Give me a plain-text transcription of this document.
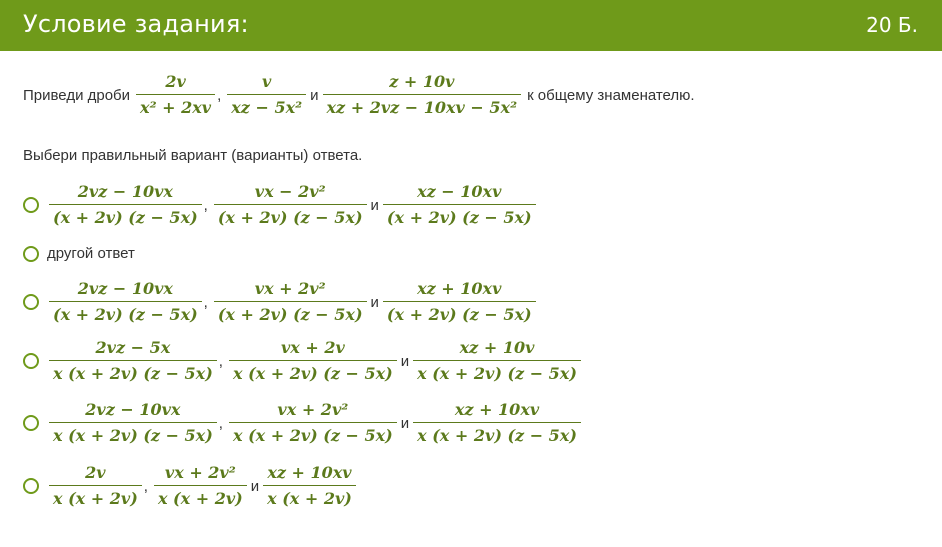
Условие задания:	20 Б.
Приведи дроби $\frac{2v}{\text{x² + 2xv}}$ , $\frac{v}{\text{xz − 5x²}}$ и $\frac{z + 10v}{\text{xz + 2vz − 10xv − 5x²}}$ к общему знаменателю.
Выбери правильный вариант (варианты) ответа.
$\frac{2vz - 10vx}{(x + 2v) (z - 5x)}$ , $\frac{\text{vx − 2v²}}{(x + 2v) (z - 5x)}$ и $\frac{xz - 10xv}{(x + 2v) (z - 5x)}$
другой ответ
$\frac{2vz - 10vx}{(x + 2v) (z - 5x)}$ , $\frac{\text{vx + 2v²}}{(x + 2v) (z - 5x)}$ и $\frac{xz + 10xv}{(x + 2v) (z - 5x)}$
$\frac{2vz - 5x}{x (x + 2v) (z - 5x)}$ , $\frac{vx + 2v}{x (x + 2v) (z - 5x)}$ и $\frac{xz + 10v}{x (x + 2v) (z - 5x)}$
$\frac{2vz - 10vx}{x (x + 2v) (z - 5x)}$ , $\frac{\text{vx + 2v²}}{x (x + 2v) (z - 5x)}$ и $\frac{xz + 10xv}{x (x + 2v) (z - 5x)}$
$\frac{2v}{x (x + 2v)}$ , $\frac{\text{vx + 2v²}}{x (x + 2v)}$ и $\frac{xz + 10xv}{x (x + 2v)}$
